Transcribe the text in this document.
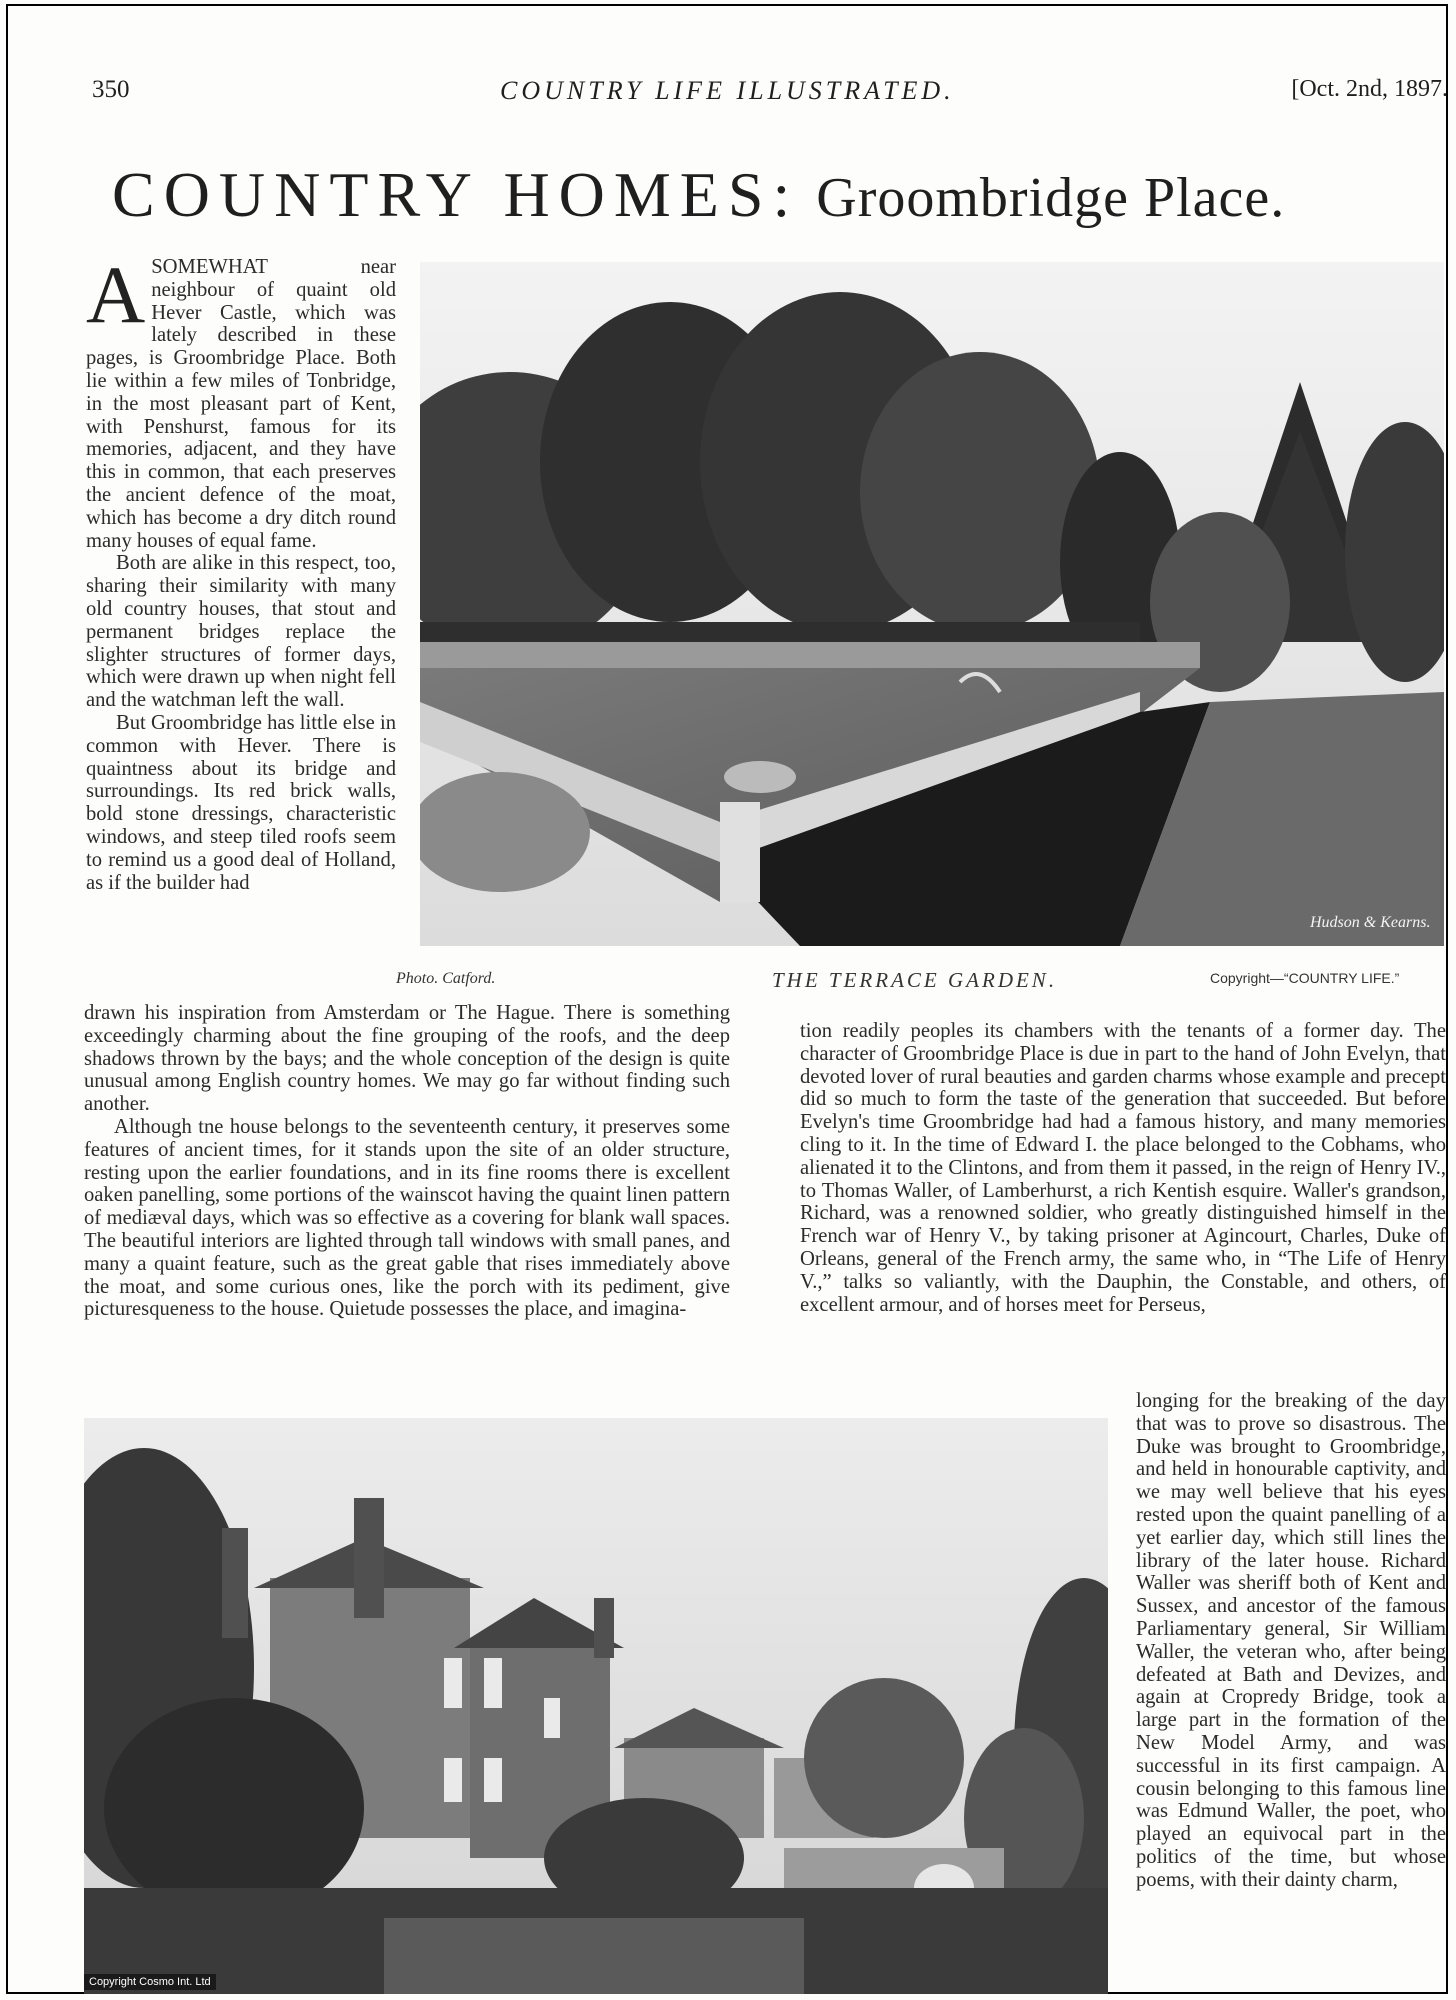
350	COUNTRY LIFE ILLUSTRATED.	[Oct. 2nd, 1897.
COUNTRY HOMES: Groombridge Place.

ASOMEWHAT near neighbour of quaint old Hever Castle, which was lately described in these pages, is Groombridge Place. Both lie within a few miles of Tonbridge, in the most pleasant part of Kent, with Penshurst, famous for its memories, adjacent, and they have this in common, that each preserves the ancient defence of the moat, which has become a dry ditch round many houses of equal fame.

Both are alike in this respect, too, sharing their similarity with many old country houses, that stout and permanent bridges replace the slighter structures of former days, which were drawn up when night fell and the watchman left the wall.

But Groombridge has little else in common with Hever. There is quaintness about its bridge and surroundings. Its red brick walls, bold stone dressings, characteristic windows, and steep tiled roofs seem to remind us a good deal of Holland, as if the builder had

Hudson & Kearns.
Photo. Catford.	THE TERRACE GARDEN.	Copyright—“COUNTRY LIFE.”

drawn his inspiration from Amsterdam or The Hague. There is something exceedingly charming about the fine grouping of the roofs, and the deep shadows thrown by the bays; and the whole conception of the design is quite unusual among English country homes. We may go far without finding such another.

Although tne house belongs to the seventeenth century, it preserves some features of ancient times, for it stands upon the site of an older structure, resting upon the earlier foundations, and in its fine rooms there is excellent oaken panelling, some portions of the wainscot having the quaint linen pattern of mediæval days, which was so effective as a covering for blank wall spaces. The beautiful interiors are lighted through tall windows with small panes, and many a quaint feature, such as the great gable that rises immediately above the moat, and some curious ones, like the porch with its pediment, give picturesqueness to the house. Quietude possesses the place, and imagina-

tion readily peoples its chambers with the tenants of a former day. The character of Groombridge Place is due in part to the hand of John Evelyn, that devoted lover of rural beauties and garden charms whose example and precept did so much to form the taste of the generation that succeeded. But before Evelyn's time Groombridge had had a famous history, and many memories cling to it. In the time of Edward I. the place belonged to the Cobhams, who alienated it to the Clintons, and from them it passed, in the reign of Henry IV., to Thomas Waller, of Lamberhurst, a rich Kentish esquire. Waller's grandson, Richard, was a renowned soldier, who greatly distinguished himself in the French war of Henry V., by taking prisoner at Agincourt, Charles, Duke of Orleans, general of the French army, the same who, in “The Life of Henry V.,” talks so valiantly, with the Dauphin, the Constable, and others, of excellent armour, and of horses meet for Perseus,

longing for the breaking of the day that was to prove so disastrous. The Duke was brought to Groombridge, and held in honourable captivity, and we may well believe that his eyes rested upon the quaint panelling of a yet earlier day, which still lines the library of the later house. Richard Waller was sheriff both of Kent and Sussex, and ancestor of the famous Parliamentary general, Sir William Waller, the veteran who, after being defeated at Bath and Devizes, and again at Cropredy Bridge, took a large part in the formation of the New Model Army, and was successful in its first campaign. A cousin belonging to this famous line was Edmund Waller, the poet, who played an equivocal part in the politics of the time, but whose poems, with their dainty charm,

Copyright Cosmo Int. Ltd
